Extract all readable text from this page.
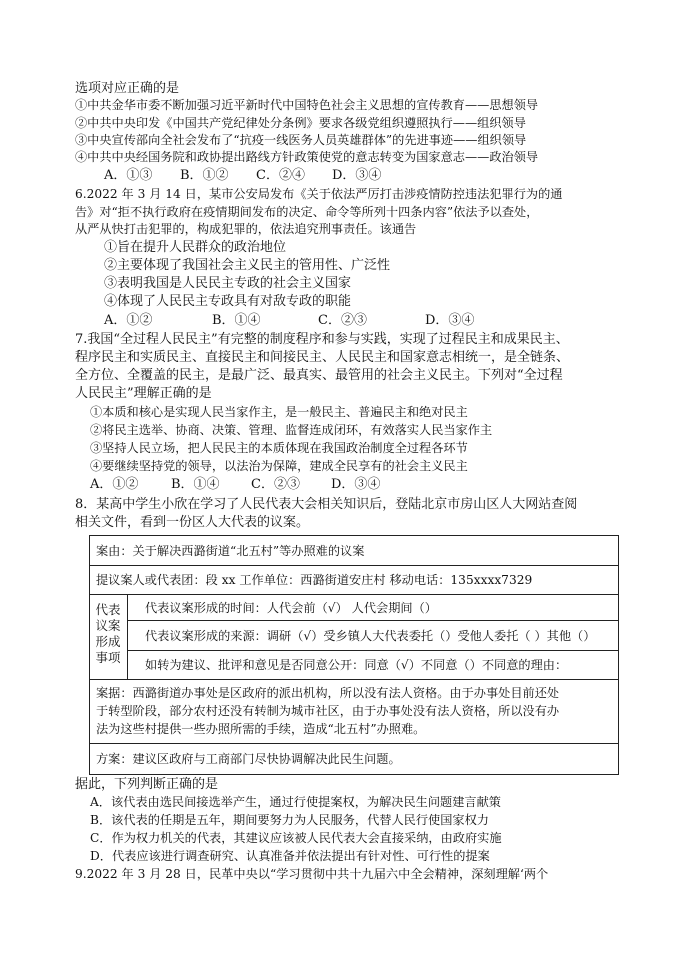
选项对应正确的是
①中共金华市委不断加强习近平新时代中国特色社会主义思想的宣传教育——思想领导
②中共中央印发《中国共产党纪律处分条例》要求各级党组织遵照执行——组织领导
③中央宣传部向全社会发布了“抗疫一线医务人员英雄群体”的先进事迹——组织领导
④中共中央经国务院和政协提出路线方针政策使党的意志转变为国家意志——政治领导
A．①③ B．①② C．②④ D．③④
6.2022 年 3 月 14 日，某市公安局发布《关于依法严厉打击涉疫情防控违法犯罪行为的通
告》对“拒不执行政府在疫情期间发布的决定、命令等所列十四条内容”依法予以查处，
从严从快打击犯罪的，构成犯罪的，依法追究刑事责任。该通告
①旨在提升人民群众的政治地位
②主要体现了我国社会主义民主的管用性、广泛性
③表明我国是人民民主专政的社会主义国家
④体现了人民民主专政具有对敌专政的职能
A．①②	B．①④	C．②③	D．③④
7.我国“全过程人民民主”有完整的制度程序和参与实践，实现了过程民主和成果民主、
程序民主和实质民主、直接民主和间接民主、人民民主和国家意志相统一，是全链条、
全方位、全覆盖的民主，是最广泛、最真实、最管用的社会主义民主。下列对“全过程
人民民主”理解正确的是
①本质和核心是实现人民当家作主，是一般民主、普遍民主和绝对民主
②将民主选举、协商、决策、管理、监督连成闭环，有效落实人民当家作主
③坚持人民立场，把人民民主的本质体现在我国政治制度全过程各环节
④要继续坚持党的领导，以法治为保障，建成全民享有的社会主义民主
A．①②	B．①④ C．②③ D．③④
8．某高中学生小欣在学习了人民代表大会相关知识后，登陆北京市房山区人大网站查阅
相关文件，看到一份区人大代表的议案。
案由：关于解决西潞街道“北五村”等办照难的议案
提议案人或代表团：段 xx 工作单位：西潞街道安庄村 移动电话：135xxxx7329
代表
议案
形成
事项
代表议案形成的时间：人代会前（√） 人代会期间（）
代表议案形成的来源：调研（√）受乡镇人大代表委托（）受他人委托（ ）其他（）
如转为建议、批评和意见是否同意公开：同意（√）不同意（）不同意的理由：
案据：西潞街道办事处是区政府的派出机构，所以没有法人资格。由于办事处目前还处
于转型阶段，部分农村还没有转制为城市社区，由于办事处没有法人资格，所以没有办
法为这些村提供一些办照所需的手续，造成“北五村”办照难。
方案：建议区政府与工商部门尽快协调解决此民生问题。
据此，下列判断正确的是
A．该代表由选民间接选举产生，通过行使提案权，为解决民生问题建言献策
B．该代表的任期是五年，期间要努力为人民服务，代替人民行使国家权力
C．作为权力机关的代表，其建议应该被人民代表大会直接采纳，由政府实施
D．代表应该进行调查研究、认真准备并依法提出有针对性、可行性的提案
9.2022 年 3 月 28 日，民革中央以“学习贯彻中共十九届六中全会精神，深刻理解‘两个
